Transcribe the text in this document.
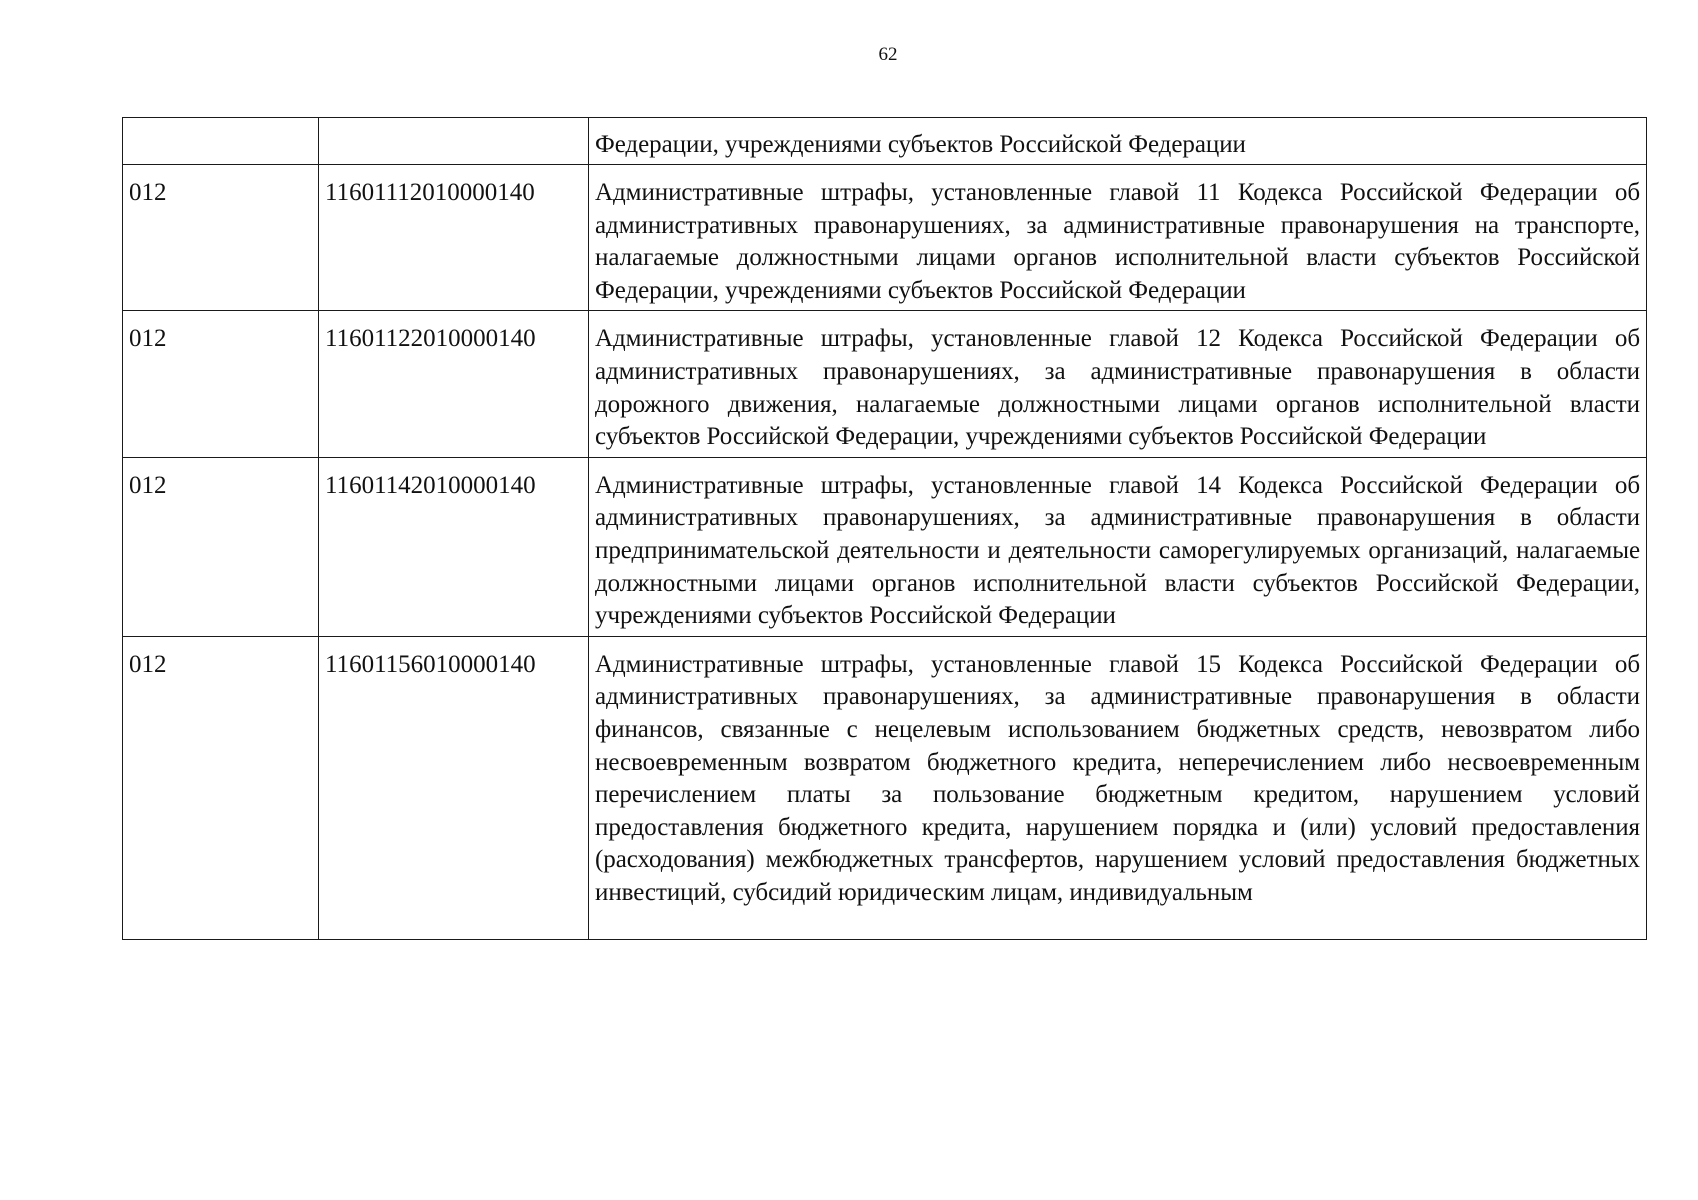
62
		Федерации, учреждениями субъектов Российской Федерации
012	11601112010000140	Административные штрафы, установленные главой 11 Кодекса Российской Федерации об административных правонарушениях, за административные правонарушения на транспорте, налагаемые должностными лицами органов исполнительной власти субъектов Российской Федерации, учреждениями субъектов Российской Федерации
012	11601122010000140	Административные штрафы, установленные главой 12 Кодекса Российской Федерации об административных правонарушениях, за административные правонарушения в области дорожного движения, налагаемые должностными лицами органов исполнительной власти субъектов Российской Федерации, учреждениями субъектов Российской Федерации
012	11601142010000140	Административные штрафы, установленные главой 14 Кодекса Российской Федерации об административных правонарушениях, за административные правонарушения в области предпринимательской деятельности и деятельности саморегулируемых организаций, налагаемые должностными лицами органов исполнительной власти субъектов Российской Федерации, учреждениями субъектов Российской Федерации
012	11601156010000140	Административные штрафы, установленные главой 15 Кодекса Российской Федерации об административных правонарушениях, за административные правонарушения в области финансов, связанные с нецелевым использованием бюджетных средств, невозвратом либо несвоевременным возвратом бюджетного кредита, неперечислением либо несвоевременным перечислением платы за пользование бюджетным кредитом, нарушением условий предоставления бюджетного кредита, нарушением порядка и (или) условий предоставления (расходования) межбюджетных трансфертов, нарушением условий предоставления бюджетных инвестиций, субсидий юридическим лицам, индивидуальным
